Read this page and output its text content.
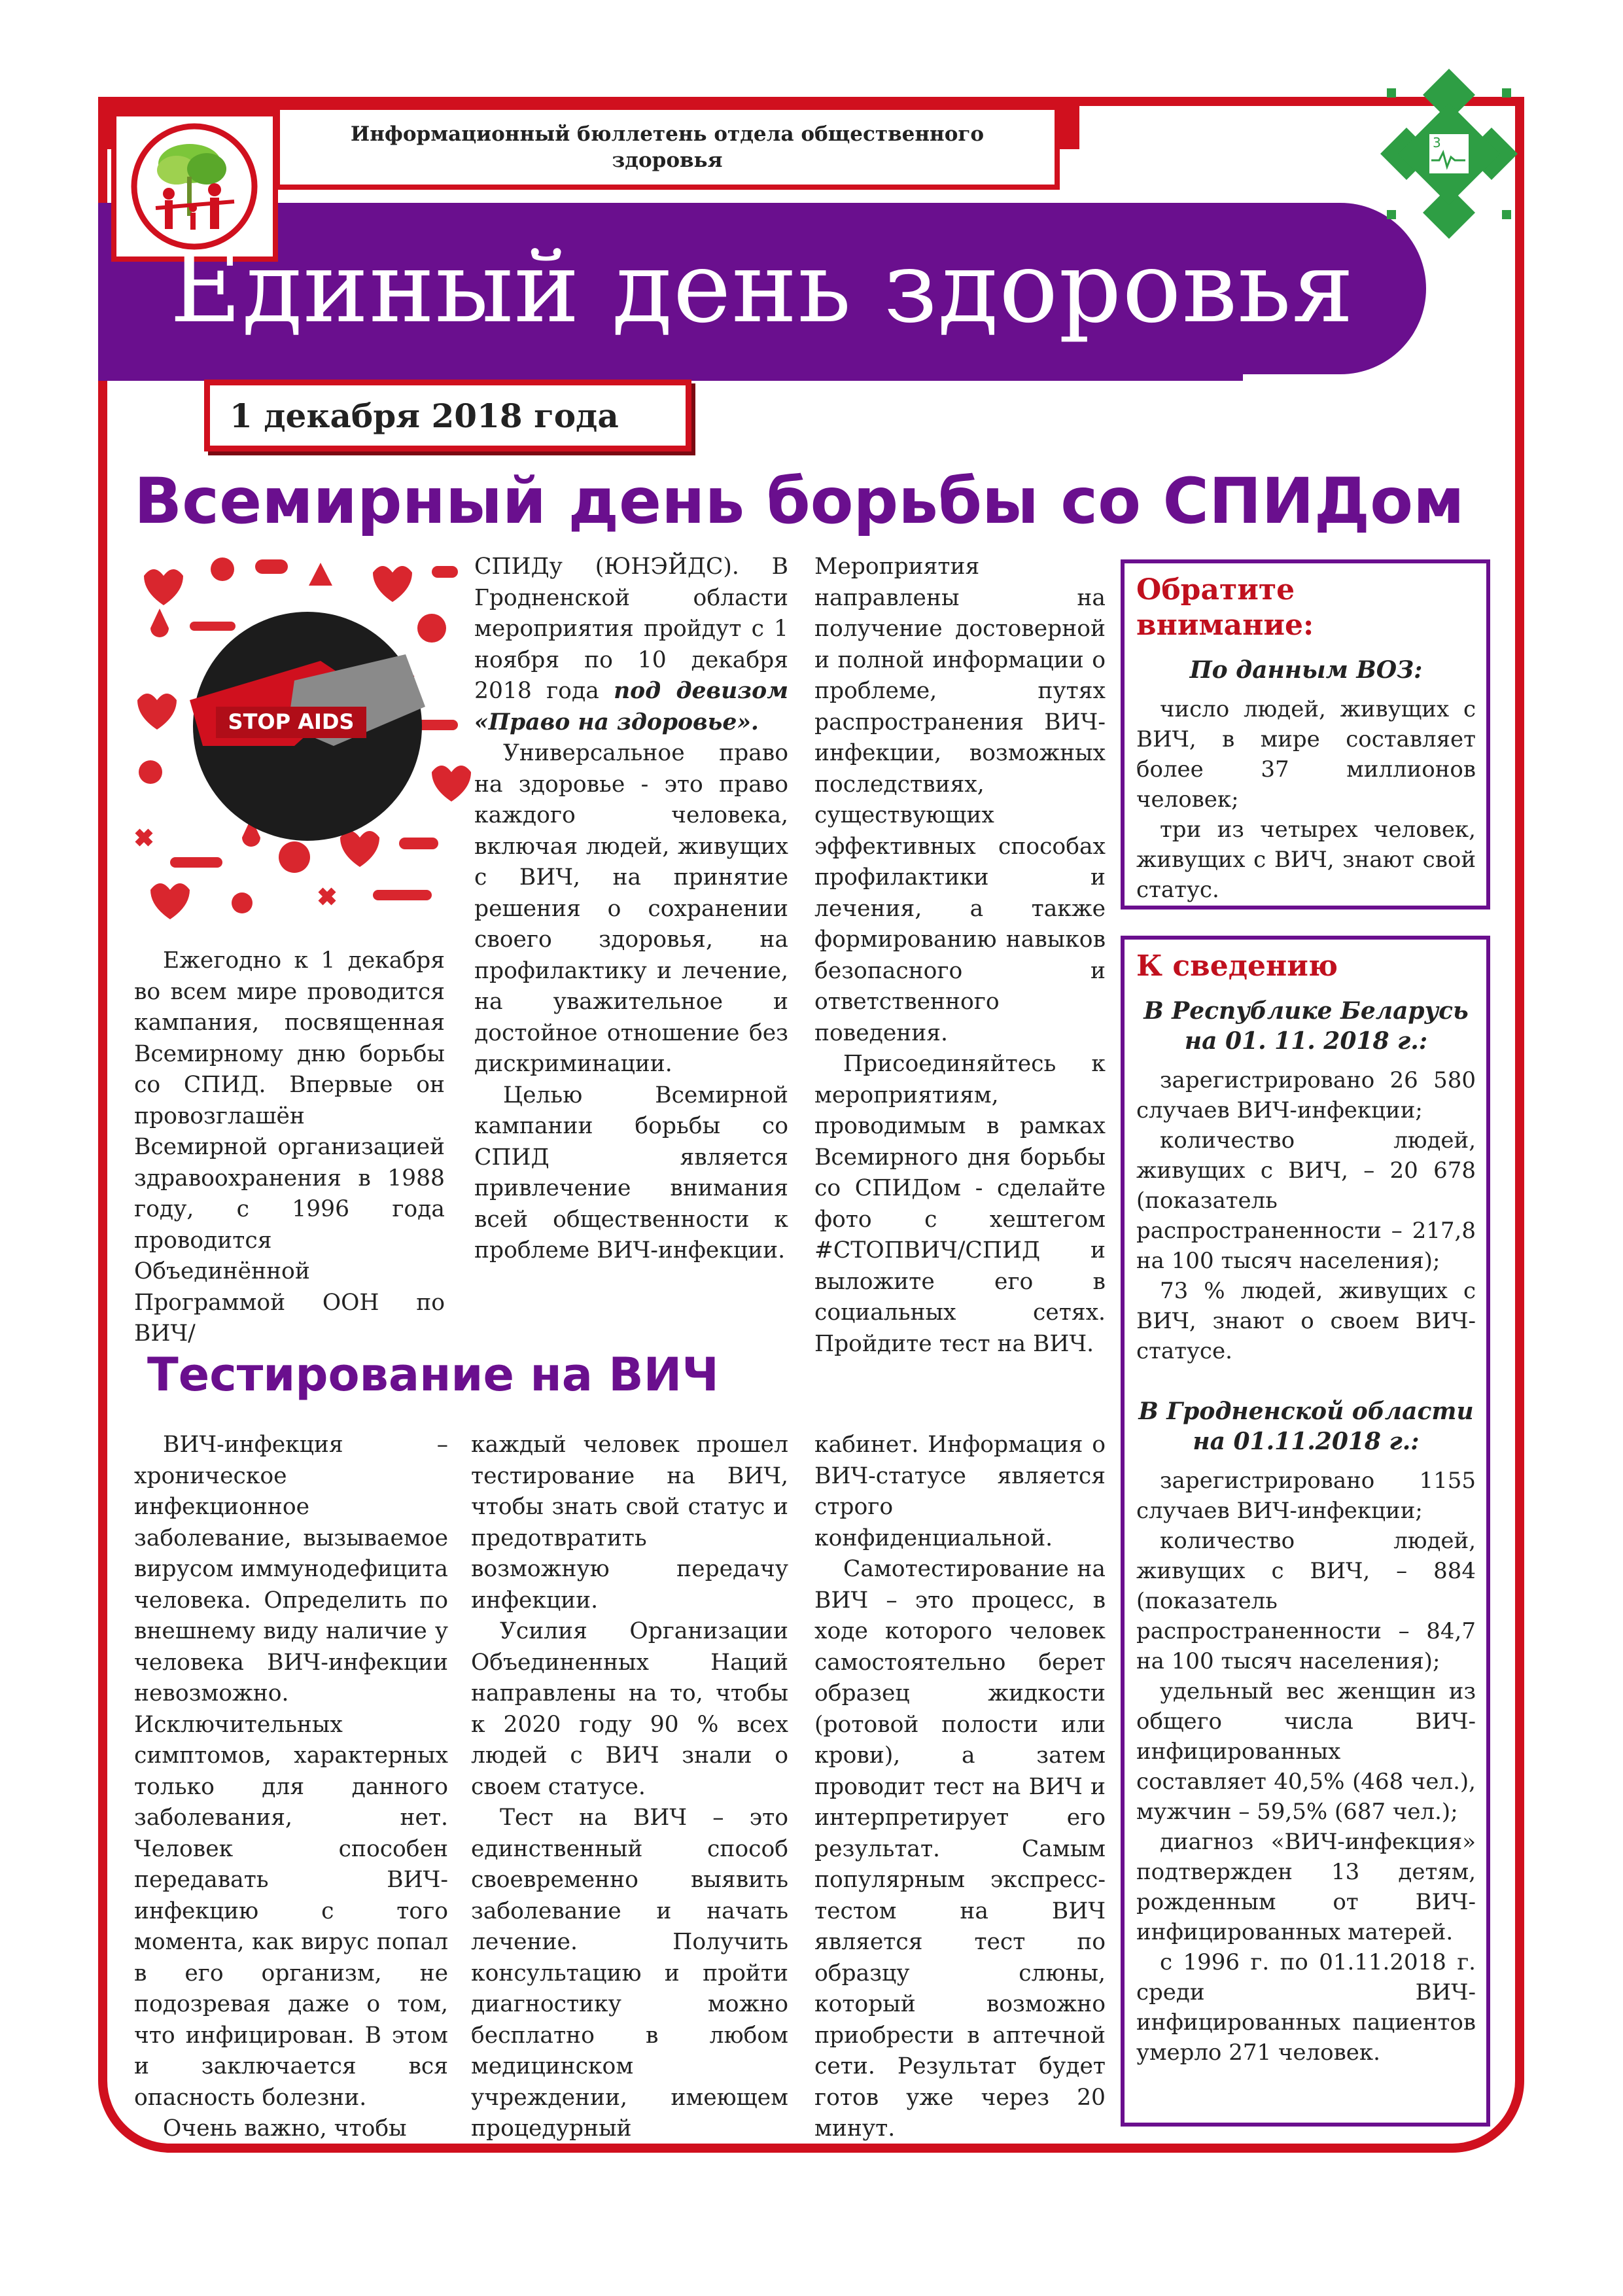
Информационный бюллетень отдела общественного
здоровья
Единый день здоровья
1 декабря 2018 года
3
Всемирный день борьбы со СПИДом
STOP AIDS

Ежегодно к 1 декабря во всем мире проводится кампания, посвященная Всемирному дню борьбы со СПИД. Впервые он провозглашён Всемирной организацией здравоохранения в 1988 году, с 1996 года проводится Объединённой Программой ООН по ВИЧ/

СПИДу (ЮНЭЙДС). В Гродненской области мероприятия пройдут с 1 ноября по 10 декабря 2018 года под девизом «Право на здоровье».

Универсальное право на здоровье - это право каждого человека, включая людей, живущих с ВИЧ, на принятие решения о сохранении своего здоровья, на профилактику и лечение, на уважительное и достойное отношение без дискриминации.

Целью Всемирной кампании борьбы со СПИД является привлечение внимания всей общественности к проблеме ВИЧ-инфекции.

Мероприятия направлены на получение достоверной и полной информации о проблеме, путях распространения ВИЧ-инфекции, возможных последствиях, существующих эффективных способах профилактики и лечения, а также формированию навыков безопасного и ответственного поведения.

Присоединяйтесь к мероприятиям, проводимым в рамках Всемирного дня борьбы со СПИДом - сделайте фото с хештегом #СТОПВИЧ/СПИД и выложите его в социальных сетях. Пройдите тест на ВИЧ.

Тестирование на ВИЧ

ВИЧ-инфекция – хроническое инфекционное заболевание, вызываемое вирусом иммунодефицита человека. Определить по внешнему виду наличие у человека ВИЧ-инфекции невозможно. Исключительных симптомов, характерных только для данного заболевания, нет. Человек способен передавать ВИЧ-инфекцию с того момента, как вирус попал в его организм, не подозревая даже о том, что инфицирован. В этом и заключается вся опасность болезни.

Очень важно, чтобы

каждый человек прошел тестирование на ВИЧ, чтобы знать свой статус и предотвратить возможную передачу инфекции.

Усилия Организации Объединенных Наций направлены на то, чтобы к 2020 году 90 % всех людей с ВИЧ знали о своем статусе.

Тест на ВИЧ – это единственный способ своевременно выявить заболевание и начать лечение. Получить консультацию и пройти диагностику можно бесплатно в любом медицинском учреждении, имеющем процедурный

кабинет. Информация о ВИЧ-статусе является строго конфиденциальной.

Самотестирование на ВИЧ – это процесс, в ходе которого человек самостоятельно берет образец жидкости (ротовой полости или крови), а затем проводит тест на ВИЧ и интерпретирует его результат. Самым популярным экспресс-тестом на ВИЧ является тест по образцу слюны, который возможно приобрести в аптечной сети. Результат будет готов уже через 20 минут.

Обратите внимание:
По данным ВОЗ:

число людей, живущих с ВИЧ, в мире составляет более 37 миллионов человек;

три из четырех человек, живущих с ВИЧ, знают свой статус.

К сведению
В Республике Беларусь на 01. 11. 2018 г.:

зарегистрировано 26 580 случаев ВИЧ-инфекции;

количество людей, живущих с ВИЧ, – 20 678 (показатель распространенности – 217,8 на 100 тысяч населения);

73 % людей, живущих с ВИЧ, знают о своем ВИЧ-статусе.

В Гродненской области на 01.11.2018 г.:

зарегистрировано 1155 случаев ВИЧ-инфекции;

количество людей, живущих с ВИЧ, – 884 (показатель распространенности – 84,7 на 100 тысяч населения);

удельный вес женщин из общего числа ВИЧ-инфицированных составляет 40,5% (468 чел.), мужчин – 59,5% (687 чел.);

диагноз «ВИЧ-инфекция» подтвержден 13 детям, рожденным от ВИЧ-инфицированных матерей.

с 1996 г. по 01.11.2018 г. среди ВИЧ-инфицированных пациентов умерло 271 человек.
